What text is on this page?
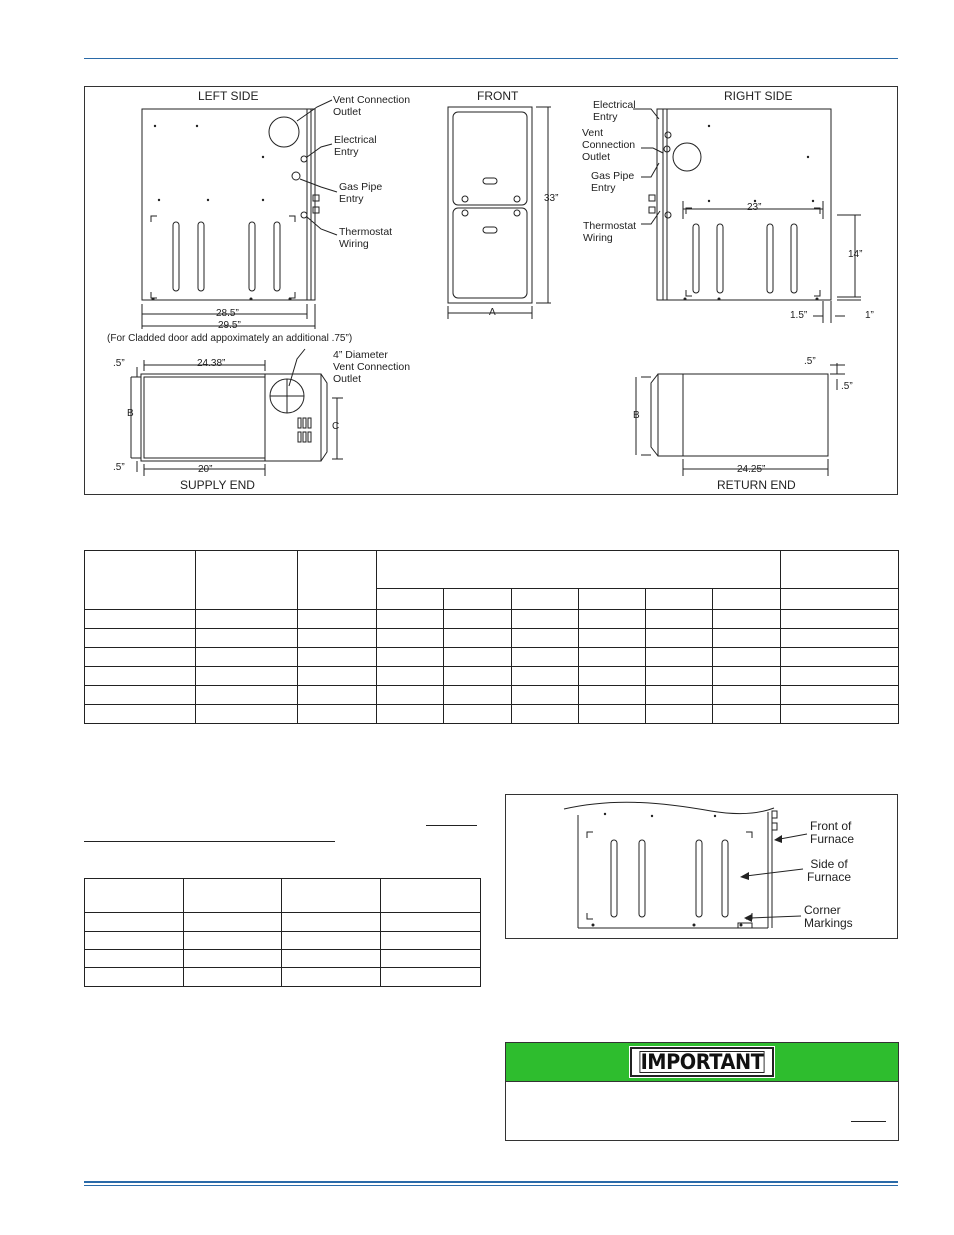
LEFT SIDE	FRONT	RIGHT SIDE
SUPPLY END	RETURN END
Vent Connection
Outlet
Electrical
Entry
Gas Pipe
Entry
Thermostat
Wiring
Electrical
Entry
Vent
Connection
Outlet
Gas Pipe
Entry
Thermostat
Wiring
4” Diameter
Vent Connection
Outlet
28.5”
29.5”
(For Cladded door add appoximately an additional .75”)
33”
A
23”
14”
1.5”	1”
24.38”
.5”
B
C
.5”	20”
.5”
.5”
B
24.25”

Front of
Furnace
Side of
Furnace
Corner
Markings
IMPORTANT
